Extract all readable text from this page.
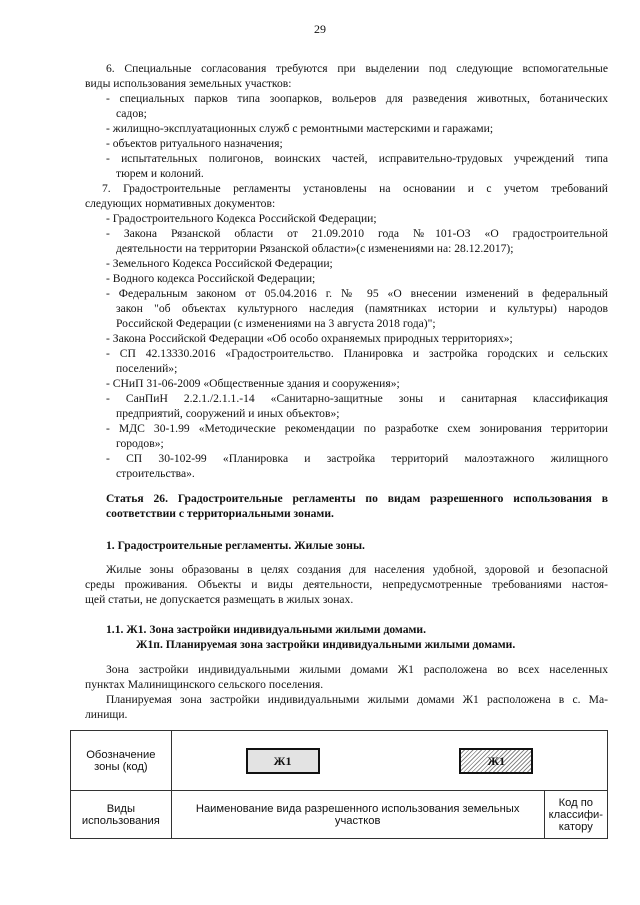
29

6. Специальные согласования требуются при выделении под следующие вспомогательные

виды использования земельных участков:

- специальных парков типа зоопарков, вольеров для разведения животных, ботанических

садов;

- жилищно-эксплуатационных служб с ремонтными мастерскими и гаражами;

- объектов ритуального назначения;

- испытательных полигонов, воинских частей, исправительно-трудовых учреждений типа

тюрем и колоний.

7. Градостроительные регламенты установлены на основании и с учетом требований

следующих нормативных документов:

- Градостроительного Кодекса Российской Федерации;

- Закона Рязанской области от 21.09.2010 года №101-ОЗ «О градостроительной

деятельности на территории Рязанской области»(с изменениями на: 28.12.2017);

- Земельного Кодекса Российской Федерации;

- Водного кодекса Российской Федерации;

- Федеральным законом от 05.04.2016 г. № 95 «О внесении изменений в федеральный

закон "об объектах культурного наследия (памятниках истории и культуры) народов

Российской Федерации (с изменениями на 3 августа 2018 года)";

- Закона Российской Федерации «Об особо охраняемых природных территориях»;

- СП 42.13330.2016 «Градостроительство. Планировка и застройка городских и сельских

поселений»;

- СНиП 31-06-2009 «Общественные здания и сооружения»;

- СанПиН 2.2.1./2.1.1.-14 «Санитарно-защитные зоны и санитарная классификация

предприятий, сооружений и иных объектов»;

- МДС 30-1.99 «Методические рекомендации по разработке схем зонирования территории

городов»;

- СП 30-102-99 «Планировка и застройка территорий малоэтажного жилищного

строительства».

Статья 26. Градостроительные регламенты по видам разрешенного использования в

соответствии с территориальными зонами.

1. Градостроительные регламенты. Жилые зоны.

Жилые зоны образованы в целях создания для населения удобной, здоровой и безопасной

среды проживания. Объекты и виды деятельности, непредусмотренные требованиями настоя-

щей статьи, не допускается размещать в жилых зонах.

1.1. Ж1. Зона застройки индивидуальными жилыми домами.

Ж1п. Планируемая зона застройки индивидуальными жилыми домами.

Зона застройки индивидуальными жилыми домами Ж1 расположена во всех населенных

пунктах Малинищинского сельского поселения.

Планируемая зона застройки индивидуальными жилыми домами Ж1 расположена в с. Ма-

линищи.

Обозначение зоны (код)	Ж1 Ж1	

Виды использования	Наименование вида разрешенного использования земельных участков	Код по классифи-катору
